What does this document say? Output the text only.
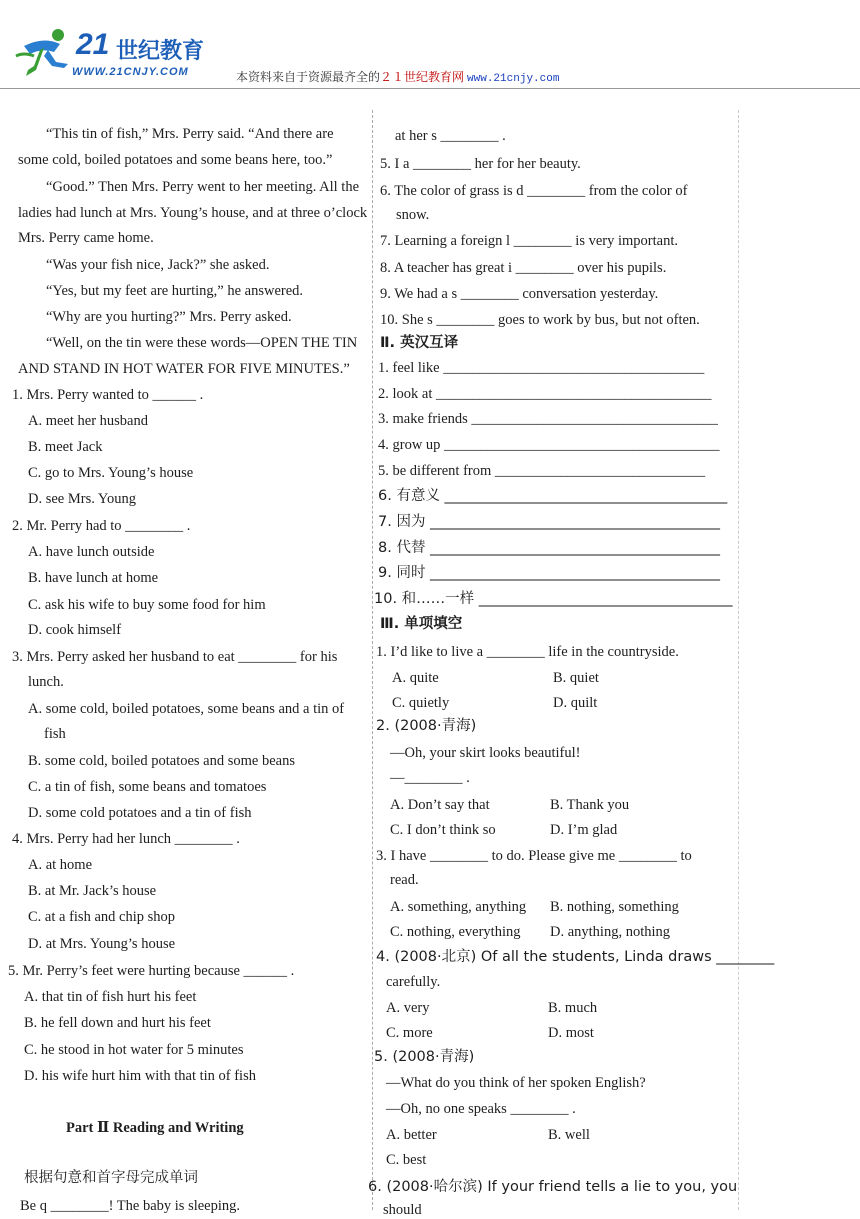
21 世纪教育
WWW.21CNJY.COM	本资料来自于资源最齐全的２１世纪教育网 www.21cnjy.com
“This tin of fish,” Mrs. Perry said. “And there are
some cold, boiled potatoes and some beans here, too.”
“Good.” Then Mrs. Perry went to her meeting. All the
ladies had lunch at Mrs. Young’s house, and at three o’clock
Mrs. Perry came home.
“Was your fish nice, Jack?” she asked.
“Yes, but my feet are hurting,” he answered.
“Why are you hurting?” Mrs. Perry asked.
“Well, on the tin were these words—OPEN THE TIN
AND STAND IN HOT WATER FOR FIVE MINUTES.”
1. Mrs. Perry wanted to ______ .
A. meet her husband
B. meet Jack
C. go to Mrs. Young’s house
D. see Mrs. Young
2. Mr. Perry had to ________ .
A. have lunch outside
B. have lunch at home
C. ask his wife to buy some food for him
D. cook himself
3. Mrs. Perry asked her husband to eat ________ for his
lunch.
A. some cold, boiled potatoes, some beans and a tin of
fish
B. some cold, boiled potatoes and some beans
C. a tin of fish, some beans and tomatoes
D. some cold potatoes and a tin of fish
4. Mrs. Perry had her lunch ________ .
A. at home
B. at Mr. Jack’s house
C. at a fish and chip shop
D. at Mrs. Young’s house
5. Mr. Perry’s feet were hurting because ______ .
A. that tin of fish hurt his feet
B. he fell down and hurt his feet
C. he stood in hot water for 5 minutes
D. his wife hurt him with that tin of fish
Part Ⅱ Reading and Writing
根据句意和首字母完成单词
Be q ________! The baby is sleeping.
at her s ________ .
5. I a ________ her for her beauty.
6. The color of grass is d ________ from the color of
snow.
7. Learning a foreign l ________ is very important.
8. A teacher has great i ________ over his pupils.
9. We had a s ________ conversation yesterday.
10. She s ________ goes to work by bus, but not often.
Ⅱ. 英汉互译
1. feel like ____________________________________
2. look at ______________________________________
3. make friends __________________________________
4. grow up ______________________________________
5. be different from _____________________________
6. 有意义 _______________________________________
7. 因为 ________________________________________
8. 代替 ________________________________________
9. 同时 ________________________________________
10. 和……一样 ___________________________________
Ⅲ. 单项填空
1. I’d like to live a ________ life in the countryside.
A. quite	B. quiet
C. quietly	D. quilt
2. (2008·青海)
—Oh, your skirt looks beautiful!
—________ .
A. Don’t say that	B. Thank you
C. I don’t think so	D. I’m glad
3. I have ________ to do. Please give me ________ to
read.
A. something, anything B. nothing, something
C. nothing, everything D. anything, nothing
4. (2008·北京) Of all the students, Linda draws ________
carefully.
A. very	B. much
C. more	D. most
5. (2008·青海)
—What do you think of her spoken English?
—Oh, no one speaks ________ .
A. better	B. well
C. best
6. (2008·哈尔滨) If your friend tells a lie to you, you
should
